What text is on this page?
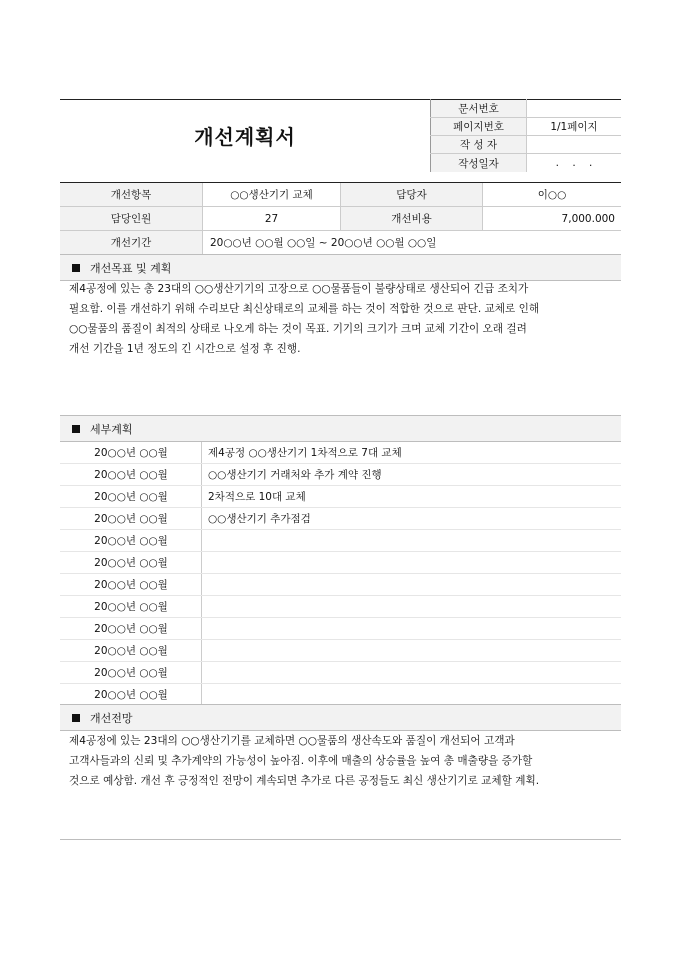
개선계획서
문서번호
페이지번호	1/1페이지
작 성 자
작성일자	.    .    .
개선항목	○○생산기기 교체	담당자	이○○
담당인원	27	개선비용	7,000.000
개선기간	20○○년 ○○월 ○○일 ~ 20○○년 ○○월 ○○일
개선목표 및 계획
제4공정에 있는 총 23대의 ○○생산기기의 고장으로 ○○물품들이 불량상태로 생산되어 긴급 조치가
필요함. 이를 개선하기 위해 수리보단 최신상태로의 교체를 하는 것이 적합한 것으로 판단. 교체로 인해
○○물품의 품질이 최적의 상태로 나오게 하는 것이 목표. 기기의 크기가 크며 교체 기간이 오래 걸려
개선 기간을 1년 정도의 긴 시간으로 설정 후 진행.
세부계획
20○○년 ○○월	제4공정 ○○생산기기 1차적으로 7대 교체
20○○년 ○○월	○○생산기기 거래처와 추가 계약 진행
20○○년 ○○월	2차적으로 10대 교체
20○○년 ○○월	○○생산기기 추가점검
20○○년 ○○월
20○○년 ○○월
20○○년 ○○월
20○○년 ○○월
20○○년 ○○월
20○○년 ○○월
20○○년 ○○월
20○○년 ○○월
개선전망
제4공정에 있는 23대의 ○○생산기기를 교체하면 ○○물품의 생산속도와 품질이 개선되어 고객과
고객사들과의 신뢰 및 추가계약의 가능성이 높아짐. 이후에 매출의 상승률을 높여 총 매출량을 증가할
것으로 예상함. 개선 후 긍정적인 전망이 계속되면 추가로 다른 공정들도 최신 생산기기로 교체할 계획.
